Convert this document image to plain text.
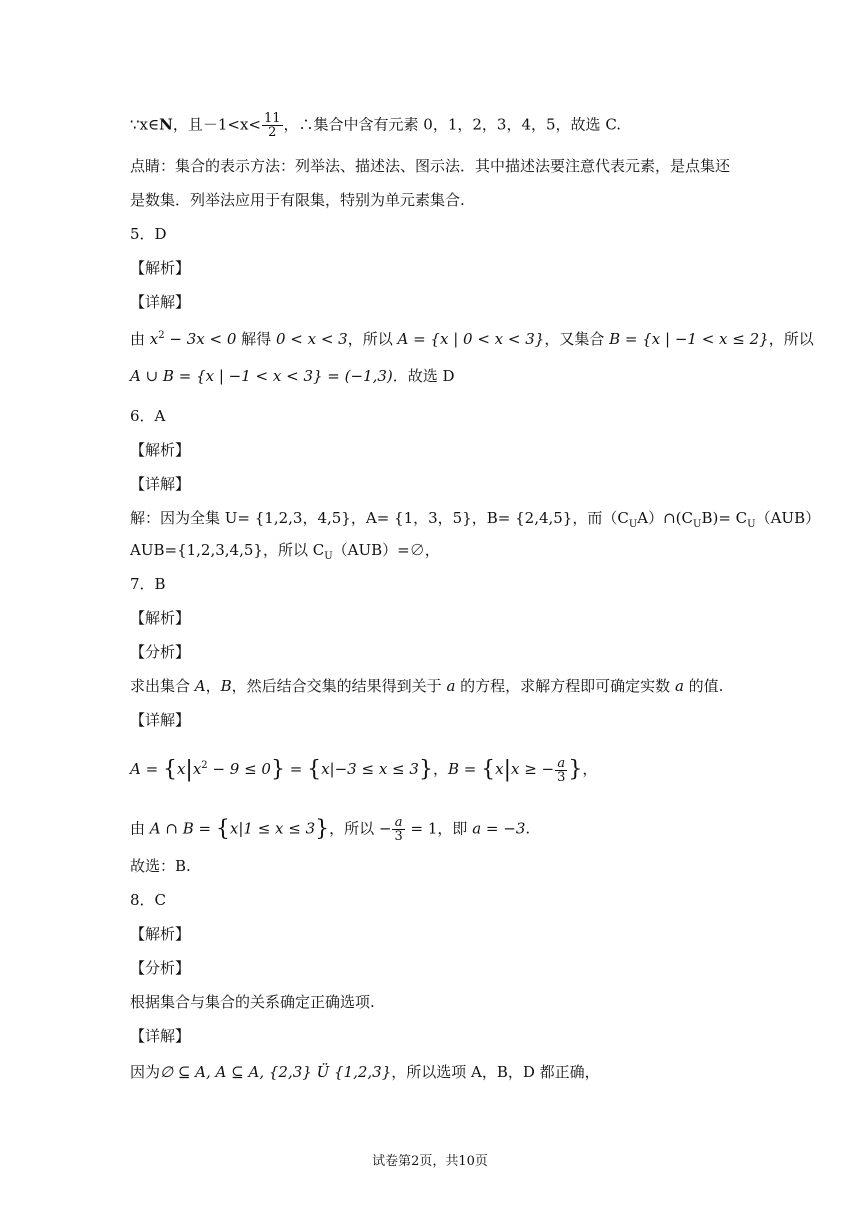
∵x∈N，且$-1<x< \frac{11}{2}$ ，∴集合中含有元素 0，1，2，3，4，5，故选 C.
点睛：集合的表示方法：列举法、描述法、图示法．其中描述法要注意代表元素，是点集还
是数集．列举法应用于有限集，特别为单元素集合.
5．D
【解析】
【详解】
由 $x^2 - 3x < 0$ 解得 0 < x < 3，所以 A = {x | 0 < x < 3}，又集合 B = {x | −1 < x ≤ 2}，所以
A ∪ B = {x | −1 < x < 3} = (−1,3)．故选 D
6．A
【解析】
【详解】
解：因为全集 U= {1,2,3，4,5}，A= {1，3，5}，B= {2,4,5}，而$(C_UA)\cap(C_UB)= C_U(AUB)$
AUB={1,2,3,4,5}，所以 $C_U(AUB)=\emptyset$，
7．B
【解析】
【分析】
求出集合 A，B，然后结合交集的结果得到关于 a 的方程，求解方程即可确定实数 a 的值.
【详解】
$A = \{x|x^2 - 9 \le 0\} = \{x|-3 \le x \le 3\}$，B = {x|x ≥ − $\frac{a}{3}$ }，
由 A ∩ B = {x|1 ≤ x ≤ 3}，所以 − $\frac{a}{3} = 1$，即 a = −3.
故选：B.
8．C
【解析】
【分析】
根据集合与集合的关系确定正确选项.
【详解】
因为∅ ⊆ A, A ⊆ A, {2,3} Ü {1,2,3}，所以选项 A，B，D 都正确，
试卷第2页，共10页
